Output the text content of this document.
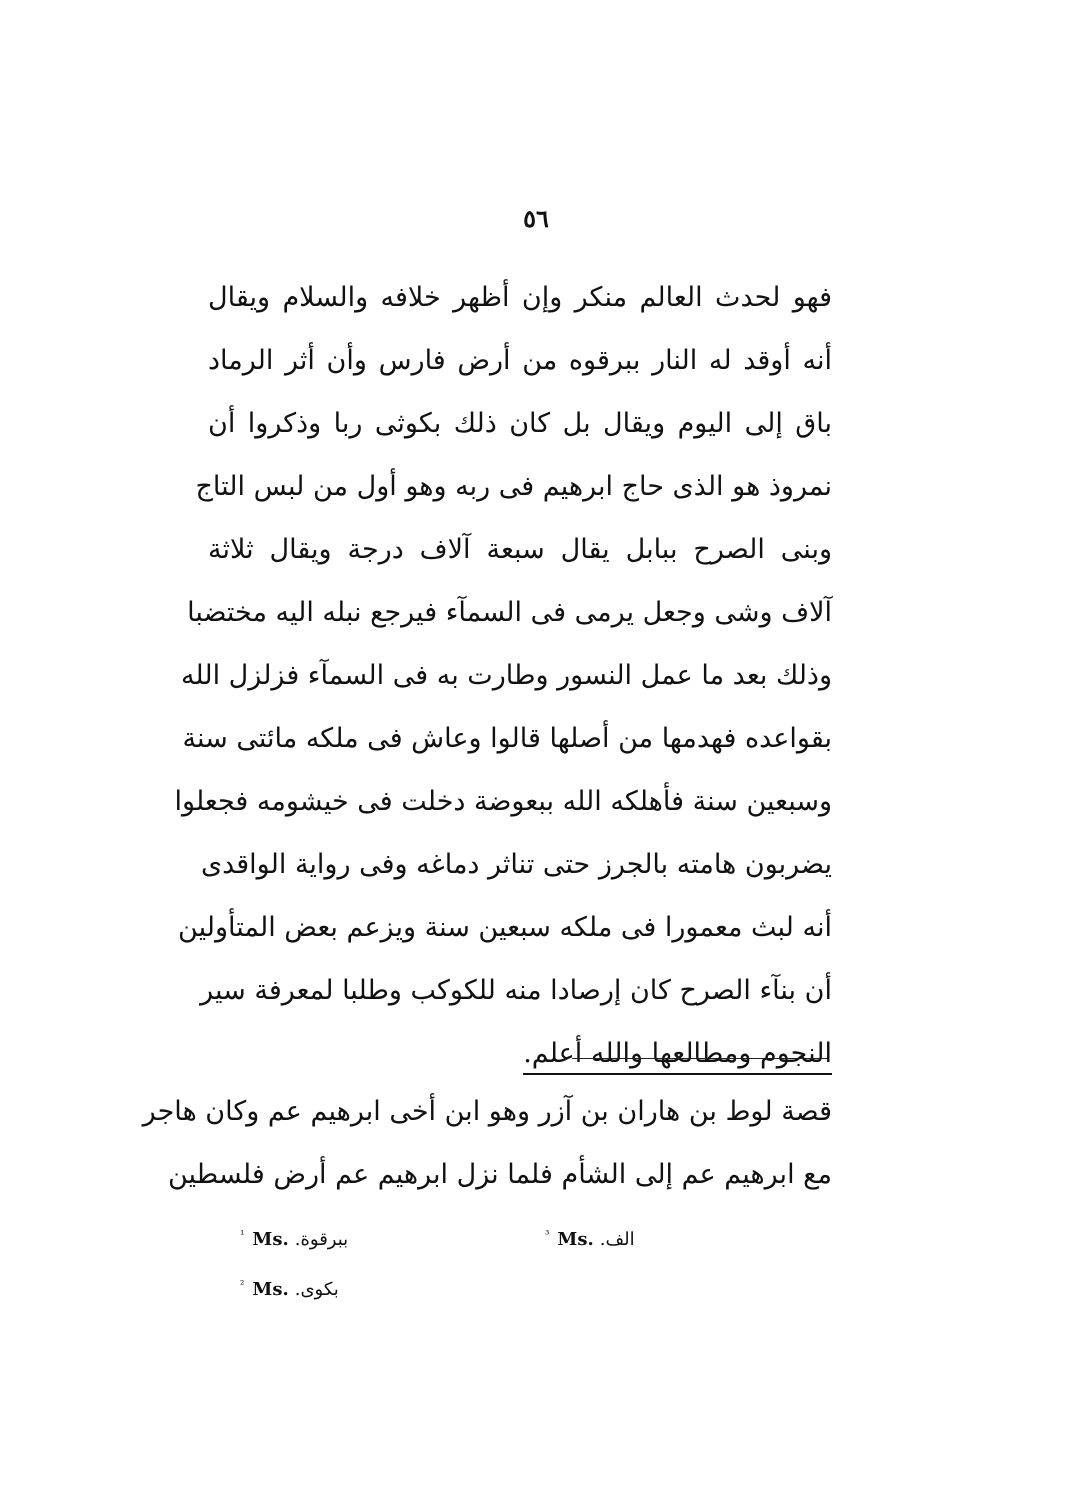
٥٦
فهو لحدث العالم منكر وإن أظهر خلافه والسلام ويقال
أنه أوقد له النار ببرقوه من أرض فارس وأن أثر الرماد
باق إلى اليوم ويقال بل كان ذلك بكوثى ربا وذكروا أن
نمروذ هو الذى حاج ابرهيم فى ربه وهو أول من لبس التاج
وبنى الصرح ببابل يقال سبعة آلاف درجة ويقال ثلاثة
آلاف وشى وجعل يرمى فى السمآء فيرجع نبله اليه مختضبا
وذلك بعد ما عمل النسور وطارت به فى السمآء فزلزل الله
بقواعده فهدمها من أصلها قالوا وعاش فى ملكه مائتى سنة
وسبعين سنة فأهلكه الله ببعوضة دخلت فى خيشومه فجعلوا
يضربون هامته بالجرز حتى تناثر دماغه وفى رواية الواقدى
أنه لبث معمورا فى ملكه سبعين سنة ويزعم بعض المتأولين
أن بنآء الصرح كان إرصادا منه للكوكب وطلبا لمعرفة سير
النجوم ومطالعها والله أعلم.
قصة لوط بن هاران بن آزر وهو ابن أخى ابرهيم عم وكان هاجر
مع ابرهيم عم إلى الشأم فلما نزل ابرهيم عم أرض فلسطين
$^{^1}$ Ms. ببرقوة.	$^{^3}$ Ms. الف.
$^{^2}$ Ms. بكوى.
